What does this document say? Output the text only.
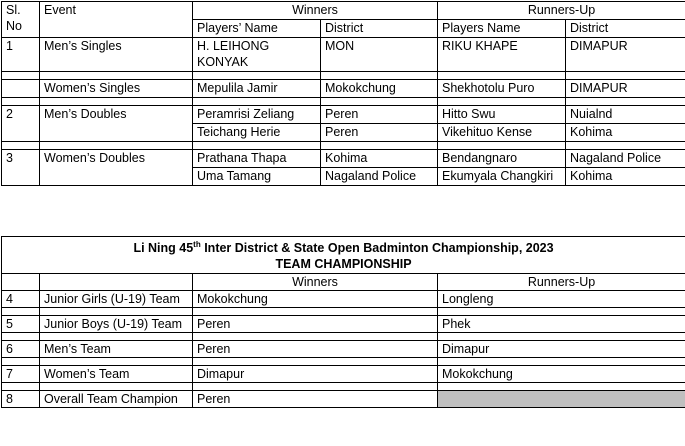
Sl. No	Event	Winners		Runners-Up	
		Players’ Name	District	Players Name	District
1	Men’s Singles	H. LEIHONG KONYAK	MON	RIKU KHAPE	DIMAPUR

	Women’s Singles	Mepulila Jamir	Mokokchung	Shekhotolu Puro	DIMAPUR

2	Men’s Doubles	Peramrisi Zeliang	Peren	Hitto Swu	Nuialnd
		Teichang Herie	Peren	Vikehituo Kense	Kohima

3	Women’s Doubles	Prathana Thapa	Kohima	Bendangnaro	Nagaland Police
		Uma Tamang	Nagaland Police	Ekumyala Changkiri	Kohima
Li Ning 45th Inter District & State Open Badminton Championship, 2023
TEAM CHAMPIONSHIP			
		Winners	Runners-Up
4	Junior Girls (U-19) Team	Mokokchung	Longleng

5	Junior Boys (U-19) Team	Peren	Phek

6	Men’s Team	Peren	Dimapur

7	Women’s Team	Dimapur	Mokokchung

8	Overall Team Champion	Peren	
